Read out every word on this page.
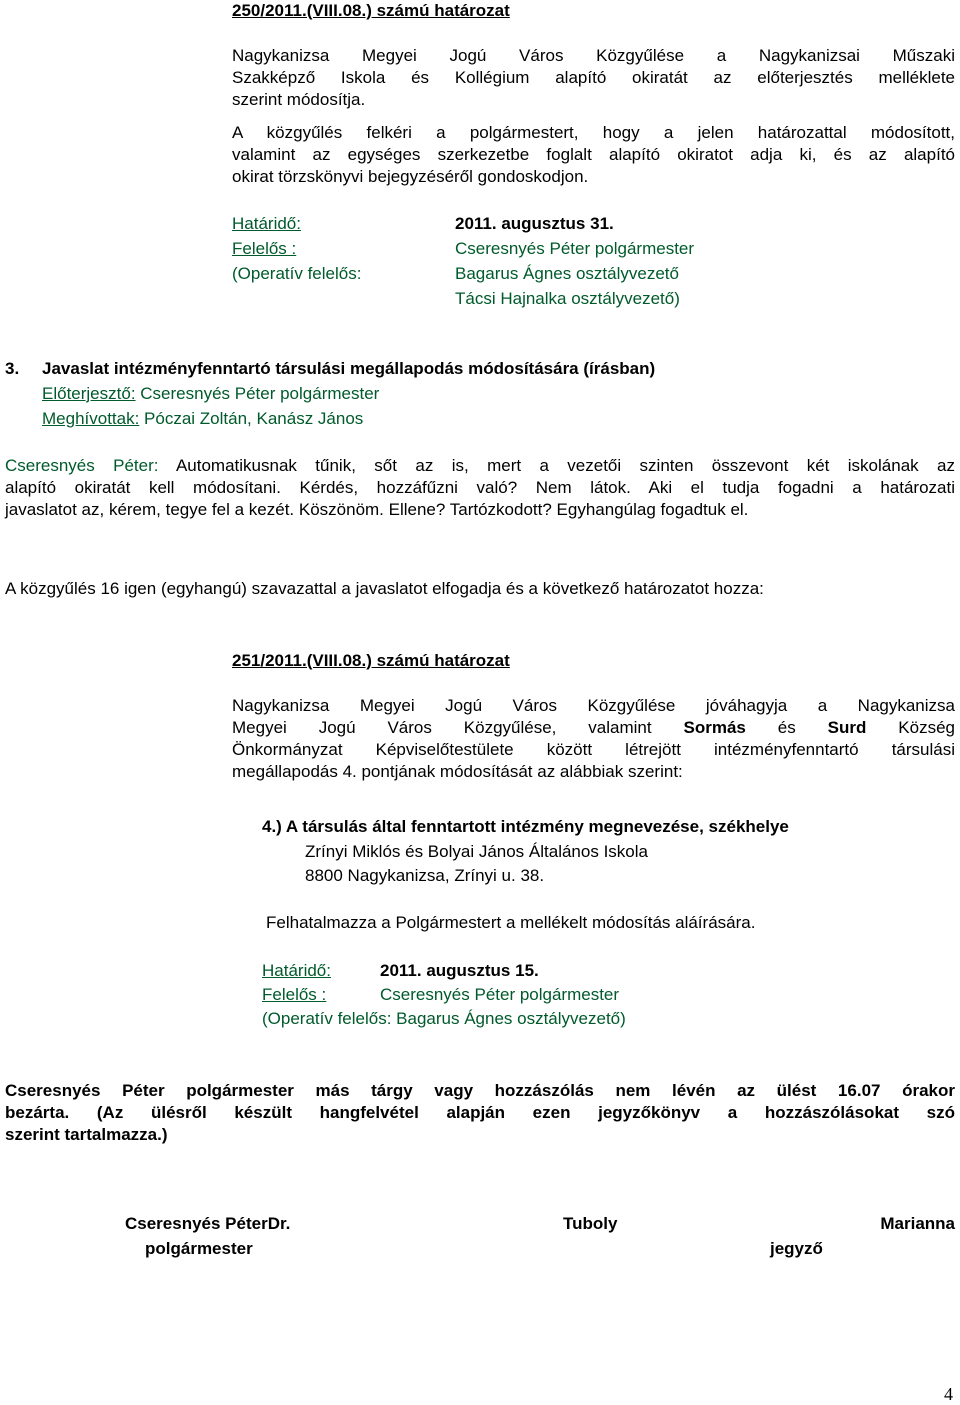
250/2011.(VIII.08.) számú határozat
Nagykanizsa Megyei Jogú Város Közgyűlése a Nagykanizsai Műszaki
Szakképző Iskola és Kollégium alapító okiratát az előterjesztés melléklete
szerint módosítja.
A közgyűlés felkéri a polgármestert, hogy a jelen határozattal módosított,
valamint az egységes szerkezetbe foglalt alapító okiratot adja ki, és az alapító
okirat törzskönyvi bejegyzéséről gondoskodjon.
Határidő:	2011. augusztus 31.
Felelős :	Cseresnyés Péter polgármester
(Operatív felelős:	Bagarus Ágnes osztályvezető
Tácsi Hajnalka osztályvezető)
3. Javaslat intézményfenntartó társulási megállapodás módosítására (írásban)
Előterjesztő: Cseresnyés Péter polgármester
Meghívottak: Póczai Zoltán, Kanász János
Cseresnyés Péter: Automatikusnak tűnik, sőt az is, mert a vezetői szinten összevont két iskolának az
alapító okiratát kell módosítani. Kérdés, hozzáfűzni való? Nem látok. Aki el tudja fogadni a határozati
javaslatot az, kérem, tegye fel a kezét. Köszönöm. Ellene? Tartózkodott? Egyhangúlag fogadtuk el.
A közgyűlés 16 igen (egyhangú) szavazattal a javaslatot elfogadja és a következő határozatot hozza:
251/2011.(VIII.08.) számú határozat
Nagykanizsa Megyei Jogú Város Közgyűlése jóváhagyja a Nagykanizsa
Megyei Jogú Város Közgyűlése, valamint Sormás és Surd Község
Önkormányzat Képviselőtestülete között létrejött intézményfenntartó társulási
megállapodás 4. pontjának módosítását az alábbiak szerint:
4.) A társulás által fenntartott intézmény megnevezése, székhelye
Zrínyi Miklós és Bolyai János Általános Iskola
8800 Nagykanizsa, Zrínyi u. 38.
Felhatalmazza a Polgármestert a mellékelt módosítás aláírására.
Határidő:	2011. augusztus 15.
Felelős :	Cseresnyés Péter polgármester
(Operatív felelős: Bagarus Ágnes osztályvezető)
Cseresnyés Péter polgármester más tárgy vagy hozzászólás nem lévén az ülést 16.07 órakor
bezárta. (Az ülésről készült hangfelvétel alapján ezen jegyzőkönyv a hozzászólásokat szó
szerint tartalmazza.)
Cseresnyés PéterDr.	Tuboly	Marianna
polgármester	jegyző
4
